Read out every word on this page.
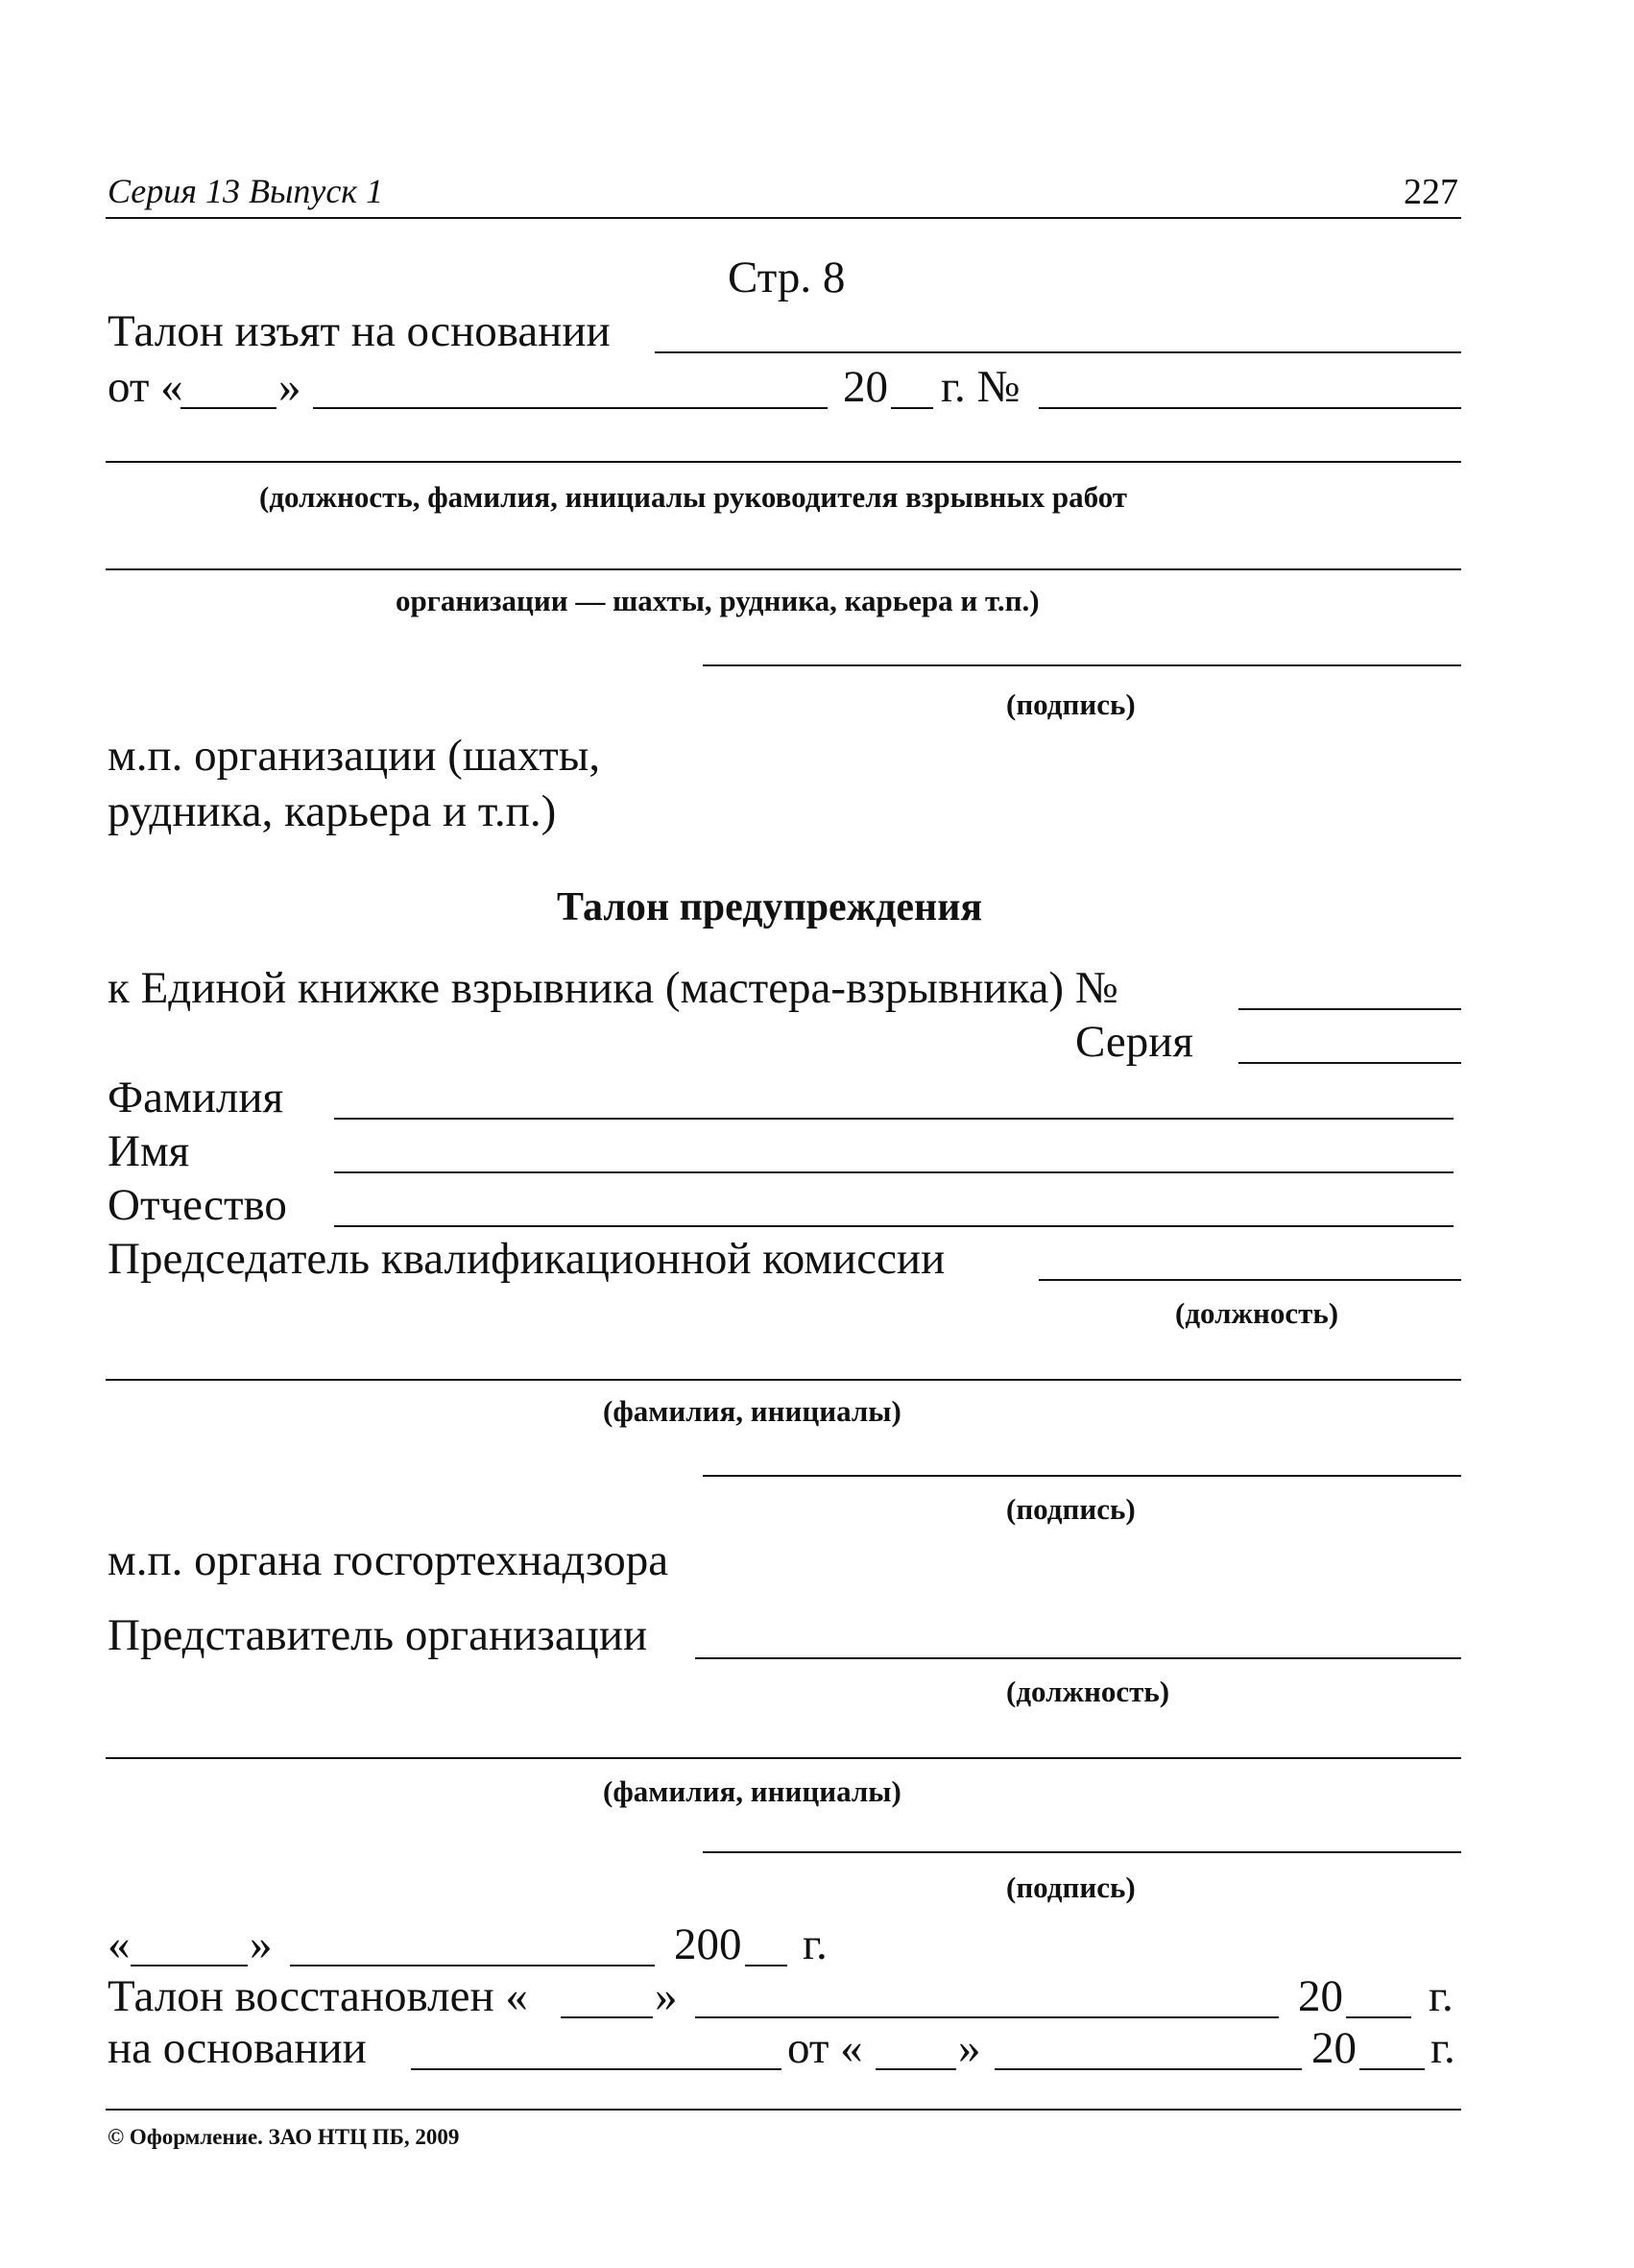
Серия 13 Выпуск 1	227
Стр. 8
Талон изъят на основании
от « »	20 г. №
(должность, фамилия, инициалы руководителя взрывных работ
организации — шахты, рудника, карьера и т.п.)
(подпись)
м.п. организации (шахты,
рудника, карьера и т.п.)
Талон предупреждения
к Единой книжке взрывника (мастера-взрывника) №
Серия
Фамилия
Имя
Отчество
Председатель квалификационной комиссии
(должность)
(фамилия, инициалы)
(подпись)
м.п. органа госгортехнадзора
Представитель организации
(должность)
(фамилия, инициалы)
(подпись)
«	»	200 г.
Талон восстановлен «	»	20 г.
на основании	от « »	20 г.
© Оформление. ЗАО НТЦ ПБ, 2009
